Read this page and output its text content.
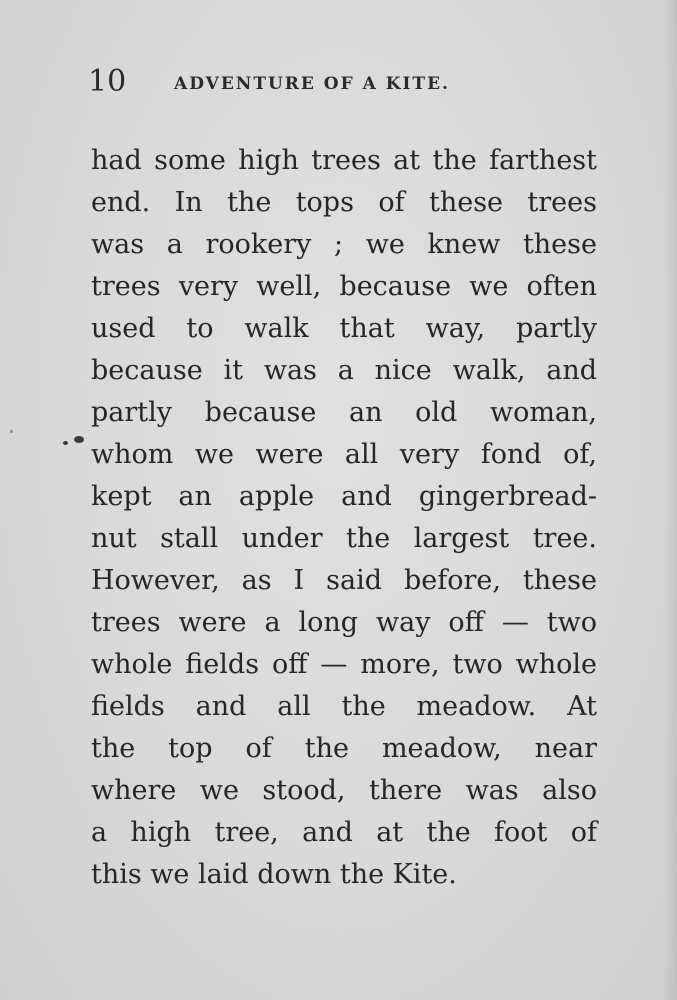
10	ADVENTURE OF A KITE.
had some high trees at the farthest
end. In the tops of these trees
was a rookery ; we knew these
trees very well, because we often
used to walk that way, partly
because it was a nice walk, and
partly because an old woman,
whom we were all very fond of,
kept an apple and gingerbread-
nut stall under the largest tree.
However, as I said before, these
trees were a long way off — two
whole fields off — more, two whole
fields and all the meadow. At
the top of the meadow, near
where we stood, there was also
a high tree, and at the foot of
this we laid down the Kite.
